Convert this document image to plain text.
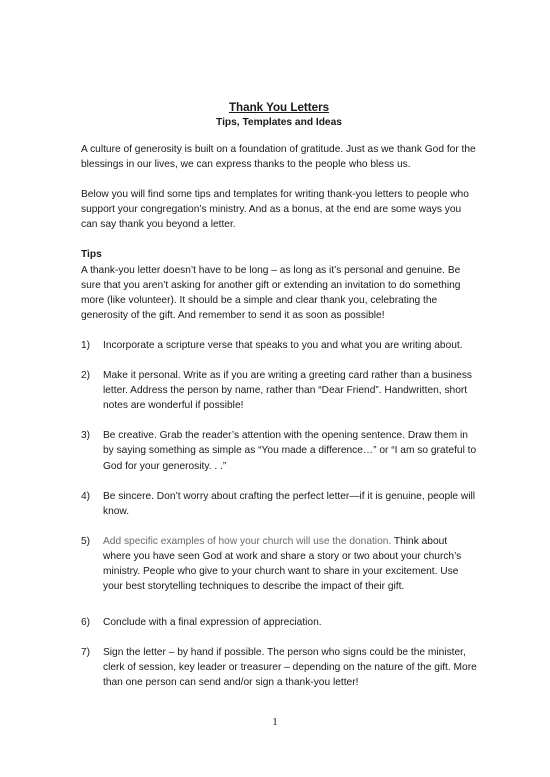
Thank You Letters
Tips, Templates and Ideas

A culture of generosity is built on a foundation of gratitude. Just as we thank God for the blessings in our lives, we can express thanks to the people who bless us.

Below you will find some tips and templates for writing thank-you letters to people who support your congregation’s ministry. And as a bonus, at the end are some ways you can say thank you beyond a letter.

Tips

A thank-you letter doesn’t have to be long – as long as it’s personal and genuine. Be sure that you aren’t asking for another gift or extending an invitation to do something more (like volunteer). It should be a simple and clear thank you, celebrating the generosity of the gift. And remember to send it as soon as possible!

1) Incorporate a scripture verse that speaks to you and what you are writing about.
2) Make it personal. Write as if you are writing a greeting card rather than a business letter. Address the person by name, rather than “Dear Friend”. Handwritten, short notes are wonderful if possible!
3) Be creative. Grab the reader’s attention with the opening sentence. Draw them in by saying something as simple as “You made a difference…” or “I am so grateful to God for your generosity. . .”
4) Be sincere. Don’t worry about crafting the perfect letter—if it is genuine, people will know.
5) Add specific examples of how your church will use the donation. Think about where you have seen God at work and share a story or two about your church’s ministry. People who give to your church want to share in your excitement. Use your best storytelling techniques to describe the impact of their gift.
6) Conclude with a final expression of appreciation.
7) Sign the letter – by hand if possible. The person who signs could be the minister, clerk of session, key leader or treasurer – depending on the nature of the gift. More than one person can send and/or sign a thank-you letter!
1
